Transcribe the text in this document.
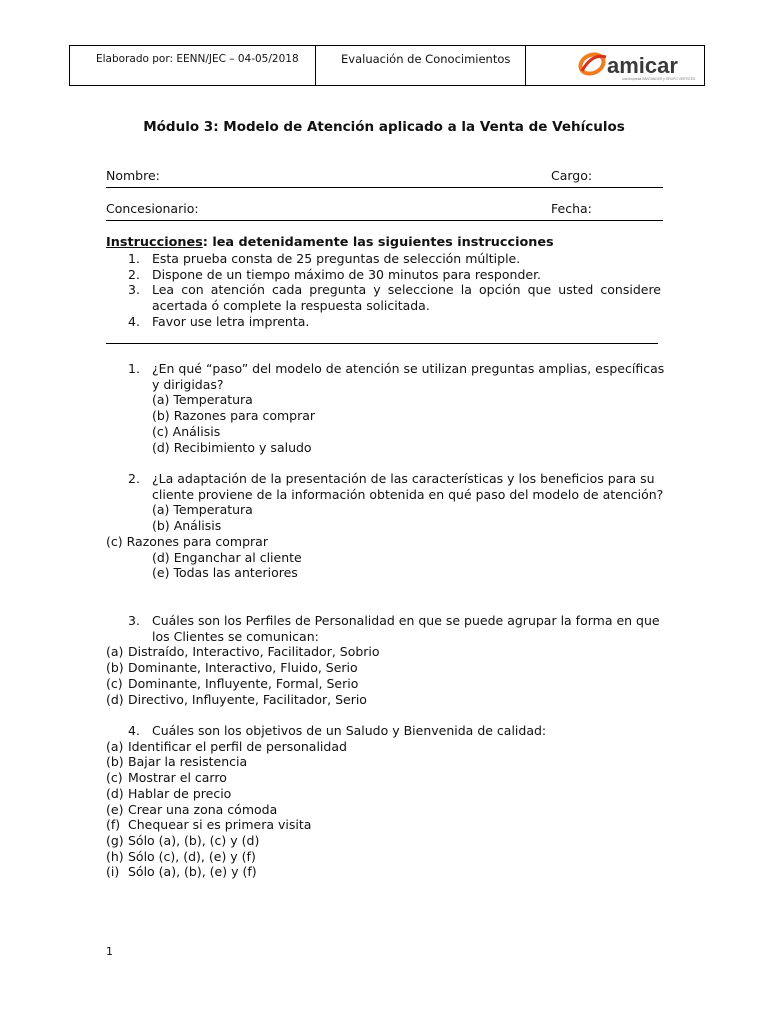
Elaborado por: EENN/JEC – 04-05/2018	Evaluación de Conocimientos	amicar
una empresa SANTANDER y GRUPO VERTICES
Módulo 3: Modelo de Atención aplicado a la Venta de Vehículos
Nombre:	Cargo:
Concesionario:	Fecha:
Instrucciones: lea detenidamente las siguientes instrucciones
1. Esta prueba consta de 25 preguntas de selección múltiple.
2. Dispone de un tiempo máximo de 30 minutos para responder.
3. Lea con atención cada pregunta y seleccione la opción que usted considere acertada ó complete la respuesta solicitada.
4. Favor use letra imprenta.
1. ¿En qué “paso” del modelo de atención se utilizan preguntas amplias, específicas y dirigidas?
(a) Temperatura
(b) Razones para comprar
(c) Análisis
(d) Recibimiento y saludo
2. ¿La adaptación de la presentación de las características y los beneficios para su cliente proviene de la información obtenida en qué paso del modelo de atención?
(a) Temperatura
(b) Análisis
(c) Razones para comprar
(d) Enganchar al cliente
(e) Todas las anteriores
3. Cuáles son los Perfiles de Personalidad en que se puede agrupar la forma en que los Clientes se comunican:
(a) Distraído, Interactivo, Facilitador, Sobrio
(b) Dominante, Interactivo, Fluido, Serio
(c) Dominante, Influyente, Formal, Serio
(d) Directivo, Influyente, Facilitador, Serio
4. Cuáles son los objetivos de un Saludo y Bienvenida de calidad:
(a) Identificar el perfil de personalidad
(b) Bajar la resistencia
(c) Mostrar el carro
(d) Hablar de precio
(e) Crear una zona cómoda
(f) Chequear si es primera visita
(g) Sólo (a), (b), (c) y (d)
(h) Sólo (c), (d), (e) y (f)
(i) Sólo (a), (b), (e) y (f)
1
